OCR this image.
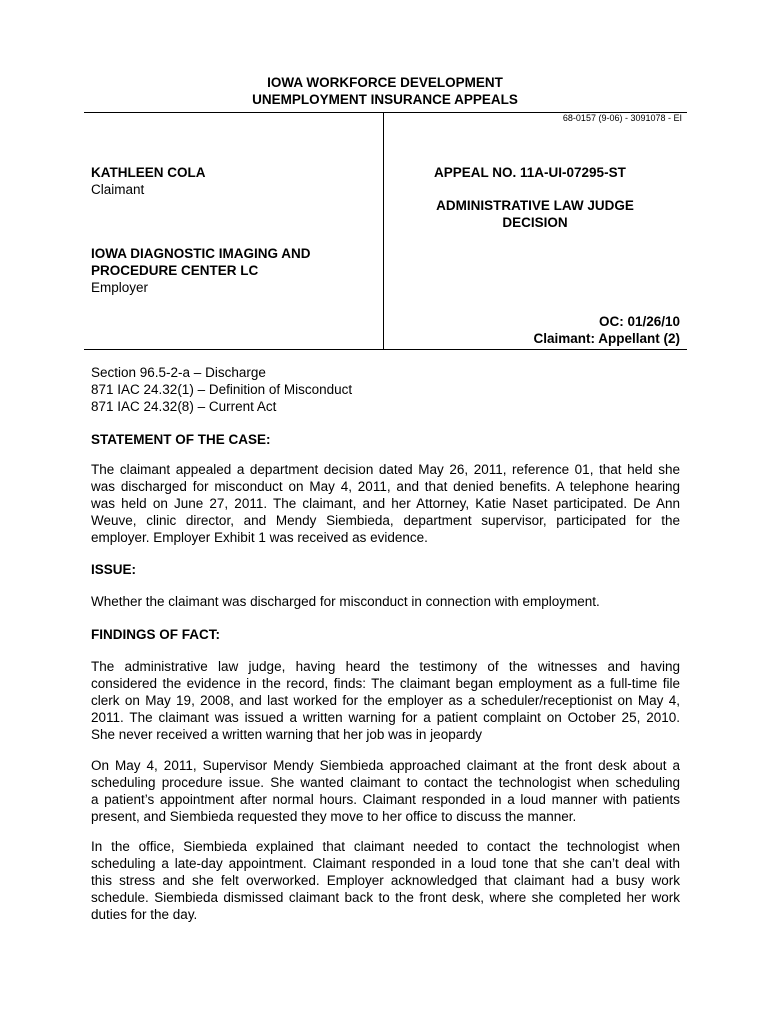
IOWA WORKFORCE DEVELOPMENT
UNEMPLOYMENT INSURANCE APPEALS
68-0157 (9-06) - 3091078 - EI
KATHLEEN COLA
Claimant
IOWA DIAGNOSTIC IMAGING AND
PROCEDURE CENTER LC
Employer
APPEAL NO. 11A-UI-07295-ST
ADMINISTRATIVE LAW JUDGE
DECISION
OC: 01/26/10
Claimant: Appellant (2)
Section 96.5-2-a – Discharge
871 IAC 24.32(1) – Definition of Misconduct
871 IAC 24.32(8) – Current Act
STATEMENT OF THE CASE:
The claimant appealed a department decision dated May 26, 2011, reference 01, that held she
was discharged for misconduct on May 4, 2011, and that denied benefits. A telephone hearing
was held on June 27, 2011. The claimant, and her Attorney, Katie Naset participated. De Ann
Weuve, clinic director, and Mendy Siembieda, department supervisor, participated for the
employer. Employer Exhibit 1 was received as evidence.
ISSUE:
Whether the claimant was discharged for misconduct in connection with employment.
FINDINGS OF FACT:
The administrative law judge, having heard the testimony of the witnesses and having
considered the evidence in the record, finds: The claimant began employment as a full-time file
clerk on May 19, 2008, and last worked for the employer as a scheduler/receptionist on May 4,
2011. The claimant was issued a written warning for a patient complaint on October 25, 2010.
She never received a written warning that her job was in jeopardy
On May 4, 2011, Supervisor Mendy Siembieda approached claimant at the front desk about a
scheduling procedure issue. She wanted claimant to contact the technologist when scheduling
a patient’s appointment after normal hours. Claimant responded in a loud manner with patients
present, and Siembieda requested they move to her office to discuss the manner.
In the office, Siembieda explained that claimant needed to contact the technologist when
scheduling a late-day appointment. Claimant responded in a loud tone that she can’t deal with
this stress and she felt overworked. Employer acknowledged that claimant had a busy work
schedule. Siembieda dismissed claimant back to the front desk, where she completed her work
duties for the day.
